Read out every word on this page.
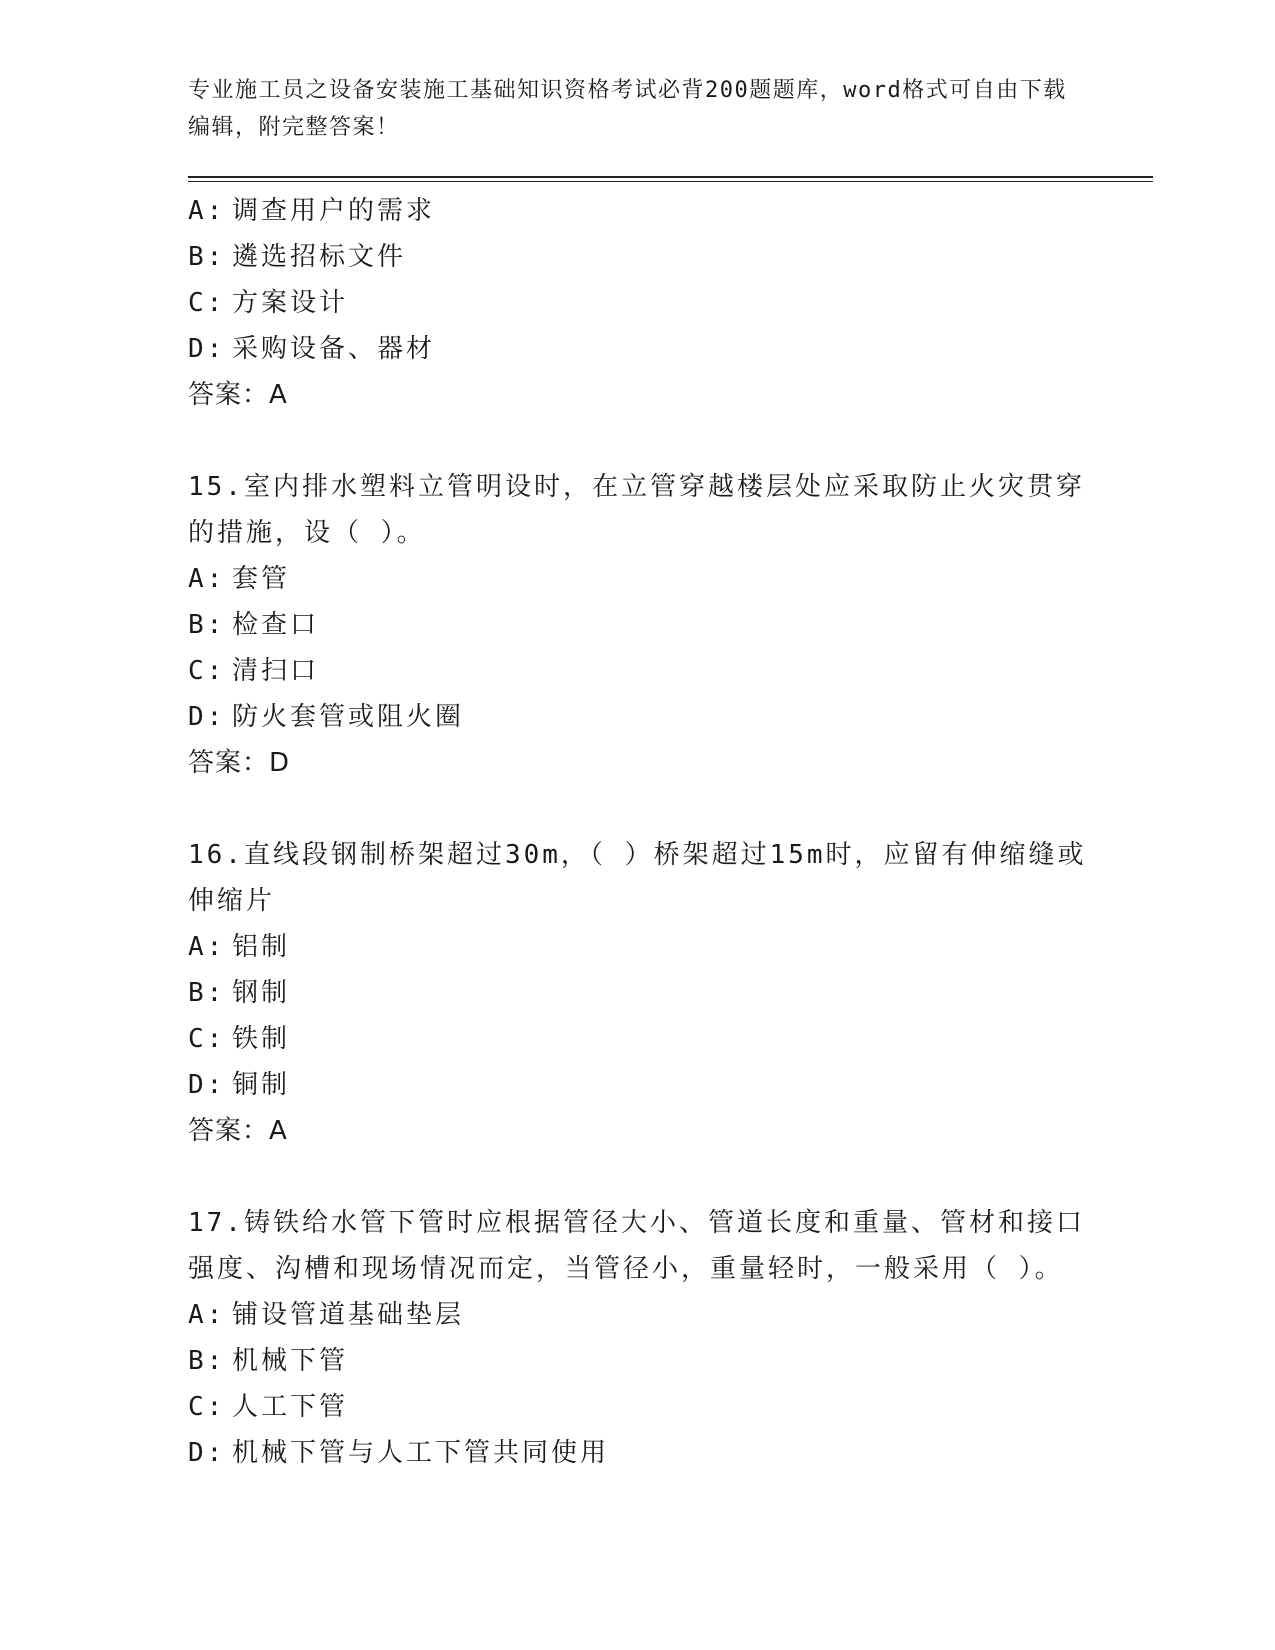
专业施工员之设备安装施工基础知识资格考试必背200题题库，word格式可自由下载编辑，附完整答案！
A: 调查用户的需求
B: 遴选招标文件
C: 方案设计
D: 采购设备、器材
答案：A
15.室内排水塑料立管明设时，在立管穿越楼层处应采取防止火灾贯穿的措施，设（ ）。
A: 套管
B: 检查口
C: 清扫口
D: 防火套管或阻火圈
答案：D
16.直线段钢制桥架超过30m，（ ）桥架超过15m时，应留有伸缩缝或伸缩片
A: 铝制
B: 钢制
C: 铁制
D: 铜制
答案：A
17.铸铁给水管下管时应根据管径大小、管道长度和重量、管材和接口强度、沟槽和现场情况而定，当管径小，重量轻时，一般采用（ ）。
A: 铺设管道基础垫层
B: 机械下管
C: 人工下管
D: 机械下管与人工下管共同使用
